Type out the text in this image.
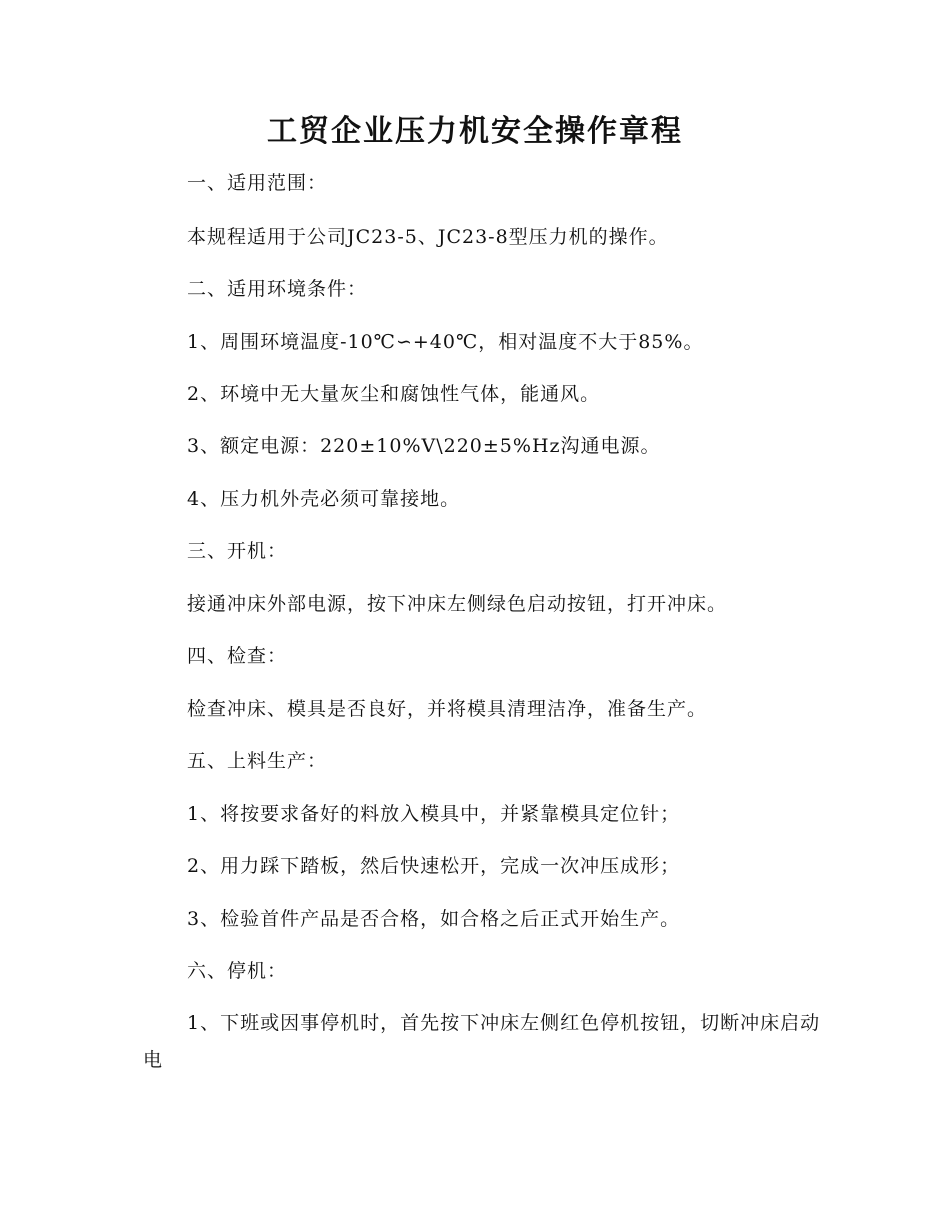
工贸企业压力机安全操作章程
一、适用范围：
本规程适用于公司JC23-5、JC23-8型压力机的操作。
二、适用环境条件：
1、周围环境温度-10℃∽+40℃，相对温度不大于85%。
2、环境中无大量灰尘和腐蚀性气体，能通风。
3、额定电源：220±10%V\220±5%Hz沟通电源。
4、压力机外壳必须可靠接地。
三、开机：
接通冲床外部电源，按下冲床左侧绿色启动按钮，打开冲床。
四、检查：
检查冲床、模具是否良好，并将模具清理洁净，准备生产。
五、上料生产：
1、将按要求备好的料放入模具中，并紧靠模具定位针；
2、用力踩下踏板，然后快速松开，完成一次冲压成形；
3、检验首件产品是否合格，如合格之后正式开始生产。
六、停机：
1、下班或因事停机时，首先按下冲床左侧红色停机按钮，切断冲床启动电
